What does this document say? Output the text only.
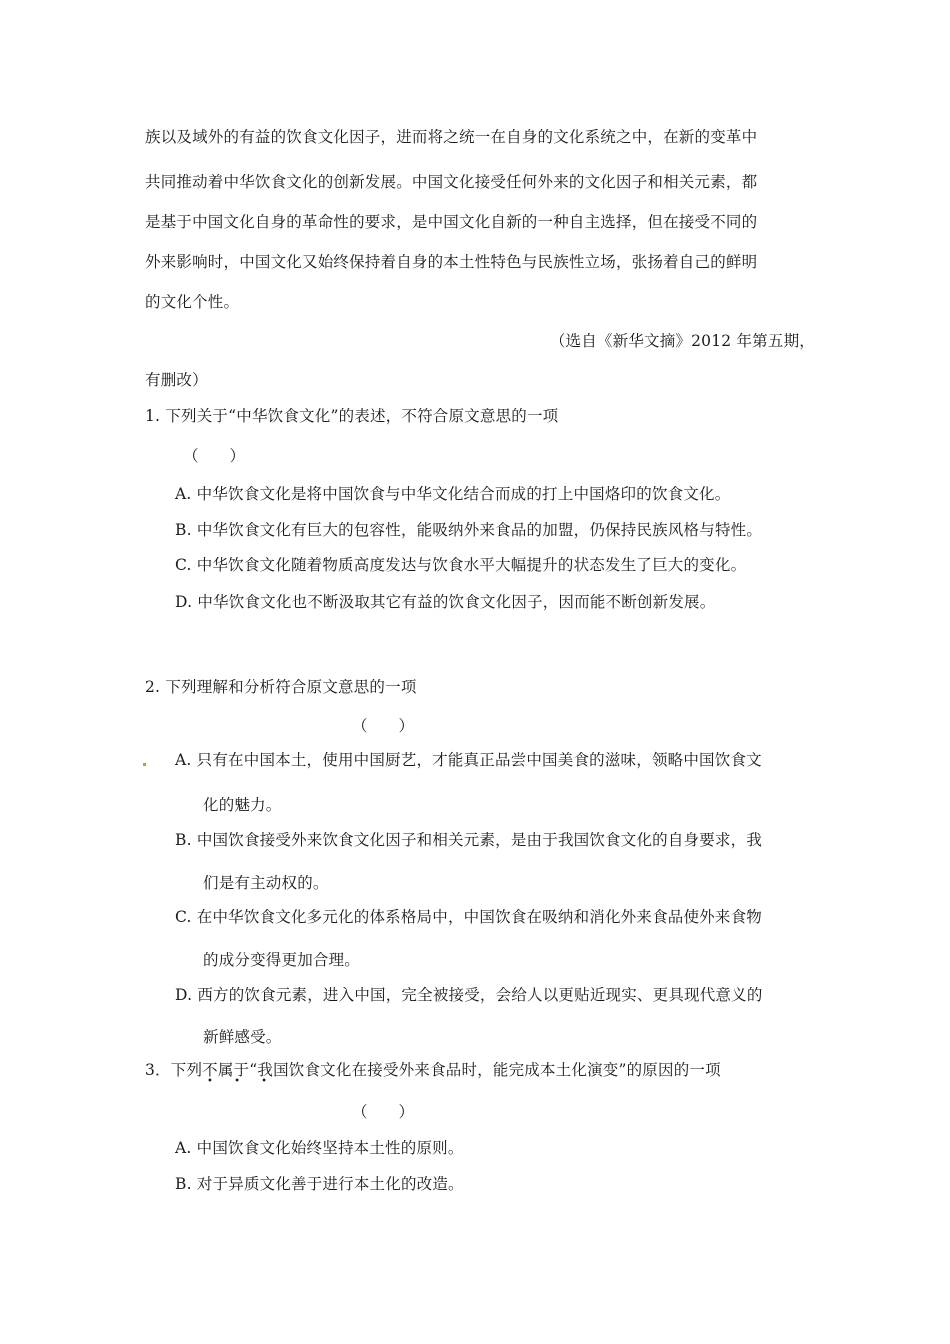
族以及域外的有益的饮食文化因子，进而将之统一在自身的文化系统之中，在新的变革中
共同推动着中华饮食文化的创新发展。中国文化接受任何外来的文化因子和相关元素，都
是基于中国文化自身的革命性的要求，是中国文化自新的一种自主选择，但在接受不同的
外来影响时，中国文化又始终保持着自身的本土性特色与民族性立场，张扬着自己的鲜明
的文化个性。
（选自《新华文摘》2012 年第五期，
有删改）
1. 下列关于“中华饮食文化”的表述，不符合原文意思的一项
（　　）
A. 中华饮食文化是将中国饮食与中华文化结合而成的打上中国烙印的饮食文化。
B. 中华饮食文化有巨大的包容性，能吸纳外来食品的加盟，仍保持民族风格与特性。
C. 中华饮食文化随着物质高度发达与饮食水平大幅提升的状态发生了巨大的变化。
D. 中华饮食文化也不断汲取其它有益的饮食文化因子，因而能不断创新发展。
2. 下列理解和分析符合原文意思的一项
（　　）
A. 只有在中国本土，使用中国厨艺，才能真正品尝中国美食的滋味，领略中国饮食文
化的魅力。
B. 中国饮食接受外来饮食文化因子和相关元素，是由于我国饮食文化的自身要求，我
们是有主动权的。
C. 在中华饮食文化多元化的体系格局中，中国饮食在吸纳和消化外来食品使外来食物
的成分变得更加合理。
D. 西方的饮食元素，进入中国，完全被接受，会给人以更贴近现实、更具现代意义的
新鲜感受。
3．下列不属于“我国饮食文化在接受外来食品时，能完成本土化演变”的原因的一项
• • •
（　　）
A. 中国饮食文化始终坚持本土性的原则。
B. 对于异质文化善于进行本土化的改造。
